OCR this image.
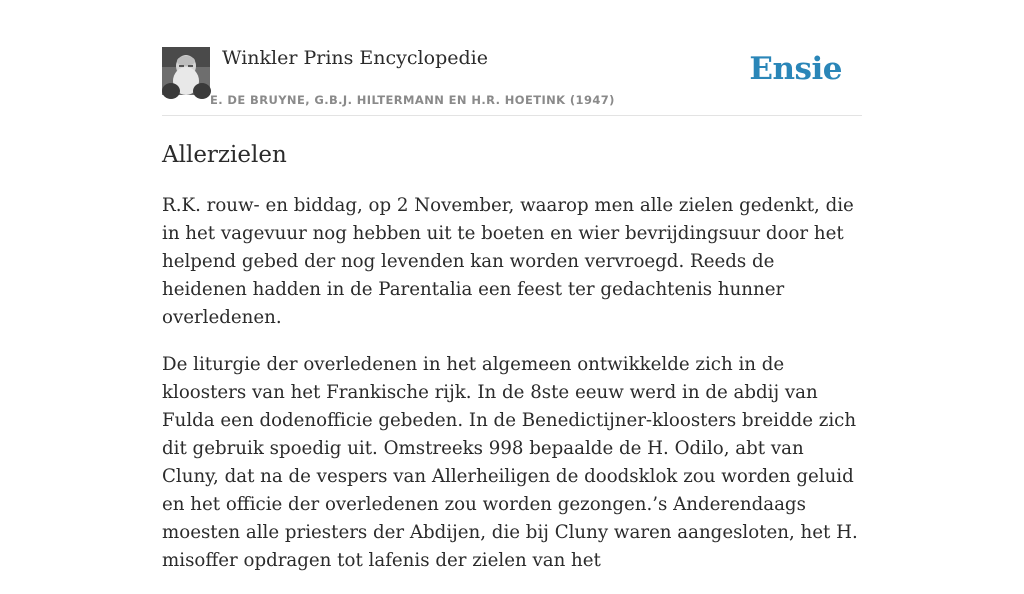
Winkler Prins Encyclopedie
E. DE BRUYNE, G.B.J. HILTERMANN EN H.R. HOETINK (1947)
Ensie
Allerzielen

R.K. rouw- en biddag, op 2 November, waarop men alle zielen gedenkt, die in het vagevuur nog hebben uit te boeten en wier bevrijdingsuur door het helpend gebed der nog levenden kan worden vervroegd. Reeds de heidenen hadden in de Parentalia een feest ter gedachtenis hunner overledenen.

De liturgie der overledenen in het algemeen ontwikkelde zich in de kloosters van het Frankische rijk. In de 8ste eeuw werd in de abdij van Fulda een dodenofficie gebeden. In de Benedictijner-kloosters breidde zich dit gebruik spoedig uit. Omstreeks 998 bepaalde de H. Odilo, abt van Cluny, dat na de vespers van Allerheiligen de doodsklok zou worden geluid en het officie der overledenen zou worden gezongen.’s Anderendaags moesten alle priesters der Abdijen, die bij Cluny waren aangesloten, het H. misoffer opdragen tot lafenis der zielen van het
